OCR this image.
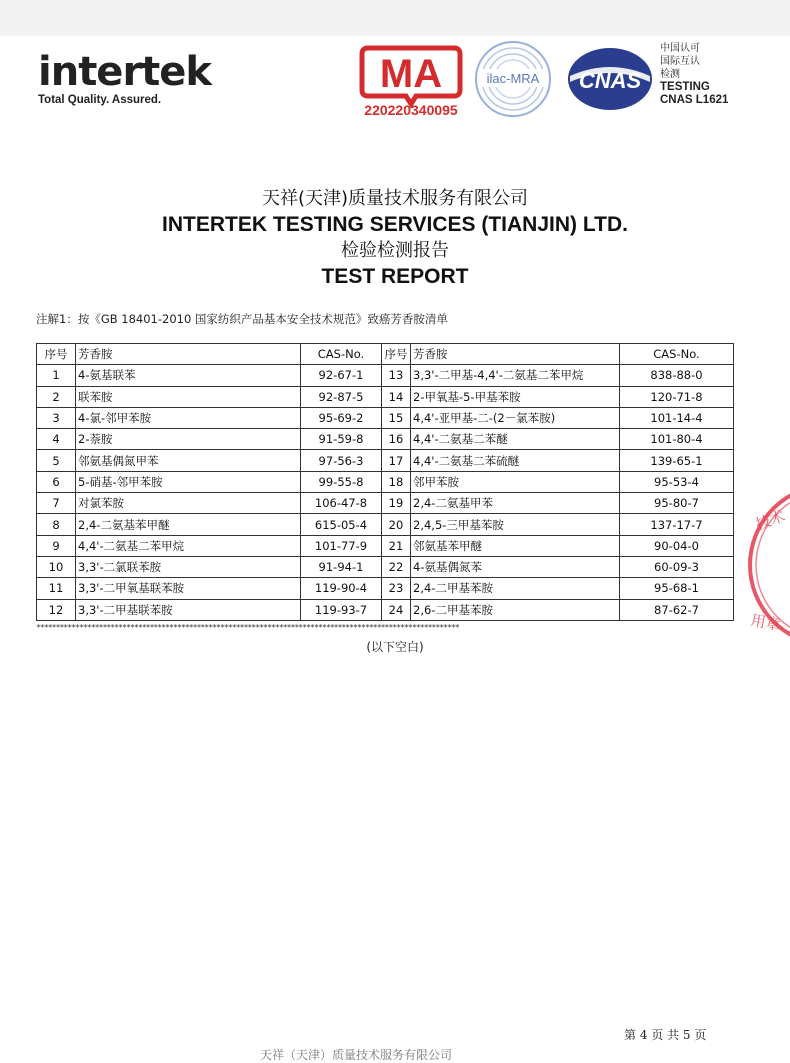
intertek
Total Quality. Assured.
MA
220220340095
ilac-MRA CNAS
中国认可
国际互认
检测
TESTING
CNAS L1621
天祥(天津)质量技术服务有限公司
INTERTEK TESTING SERVICES (TIANJIN) LTD.
检验检测报告
TEST REPORT
注解1：按《GB 18401-2010 国家纺织产品基本安全技术规范》致癌芳香胺清单
序号	芳香胺	CAS-No.	序号	芳香胺	CAS-No.
1	4-氨基联苯	92-67-1	13	3,3'-二甲基-4,4'-二氨基二苯甲烷	838-88-0
2	联苯胺	92-87-5	14	2-甲氧基-5-甲基苯胺	120-71-8
3	4-氯-邻甲苯胺	95-69-2	15	4,4'-亚甲基-二-(2－氯苯胺)	101-14-4
4	2-萘胺	91-59-8	16	4,4'-二氨基二苯醚	101-80-4
5	邻氨基偶氮甲苯	97-56-3	17	4,4'-二氨基二苯硫醚	139-65-1
6	5-硝基-邻甲苯胺	99-55-8	18	邻甲苯胺	95-53-4
7	对氯苯胺	106-47-8	19	2,4-二氨基甲苯	95-80-7
8	2,4-二氨基苯甲醚	615-05-4	20	2,4,5-三甲基苯胺	137-17-7
9	4,4'-二氨基二苯甲烷	101-77-9	21	邻氨基苯甲醚	90-04-0
10	3,3'-二氯联苯胺	91-94-1	22	4-氨基偶氮苯	60-09-3
11	3,3'-二甲氧基联苯胺	119-90-4	23	2,4-二甲基苯胺	95-68-1
12	3,3'-二甲基联苯胺	119-93-7	24	2,6-二甲基苯胺	87-62-7
************************************************************************************************************
(以下空白)
技术
用章
第 4 页 共 5 页
天祥（天津）质量技术服务有限公司
